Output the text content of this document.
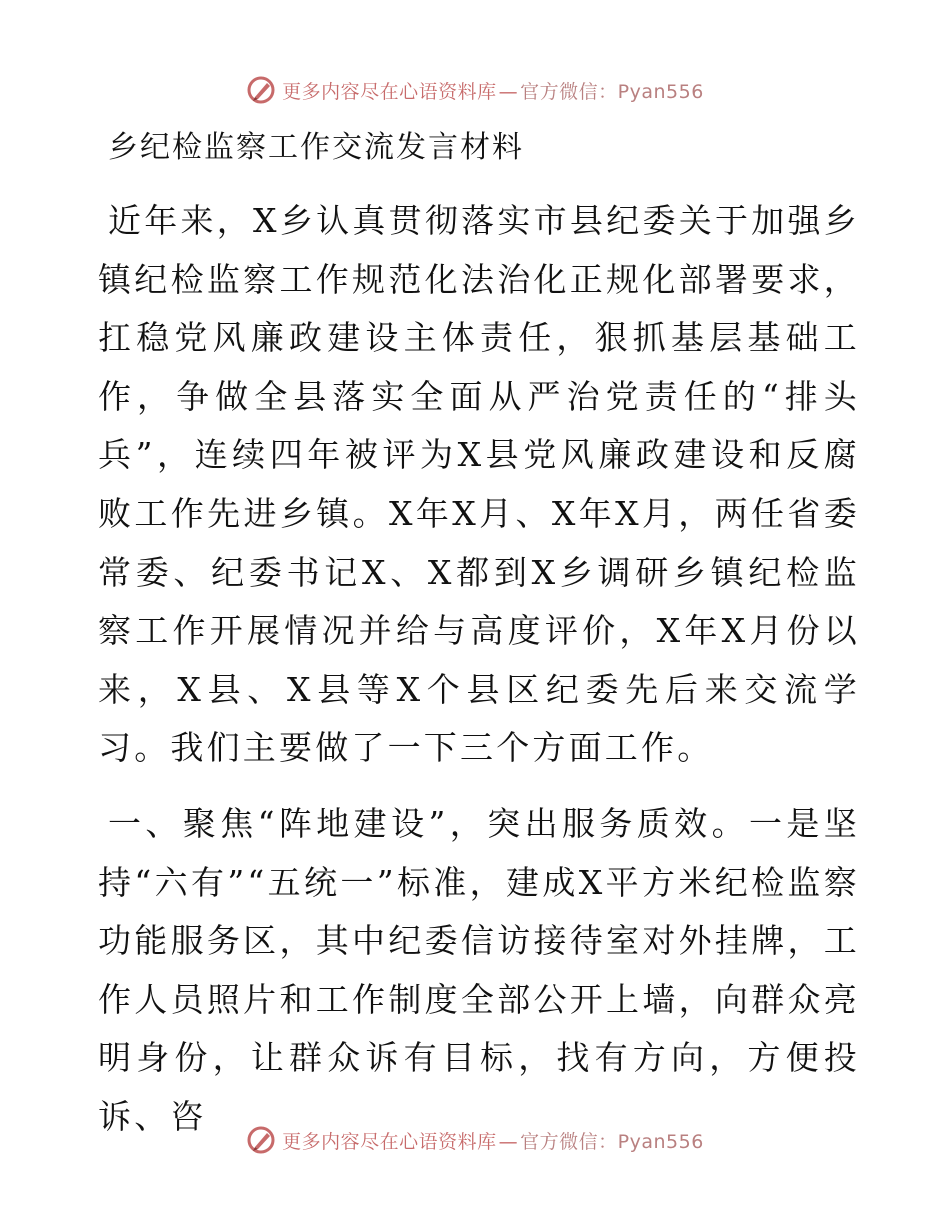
更多内容尽在心语资料库 — 官方微信：Pyan556
乡纪检监察工作交流发言材料

近年来，X乡认真贯彻落实市县纪委关于加强乡镇纪检监察工作规范化法治化正规化部署要求，扛稳党风廉政建设主体责任，狠抓基层基础工作，争做全县落实全面从严治党责任的“排头兵”，连续四年被评为X县党风廉政建设和反腐败工作先进乡镇。X年X月、X年X月，两任省委常委、纪委书记X、X都到X乡调研乡镇纪检监察工作开展情况并给与高度评价，X年X月份以来，X县、X县等X个县区纪委先后来交流学习。我们主要做了一下三个方面工作。

一、聚焦“阵地建设”，突出服务质效。一是坚持“六有”“五统一”标准，建成X平方米纪检监察功能服务区，其中纪委信访接待室对外挂牌，工作人员照片和工作制度全部公开上墙，向群众亮明身份，让群众诉有目标，找有方向，方便投诉、咨

更多内容尽在心语资料库 — 官方微信：Pyan556
